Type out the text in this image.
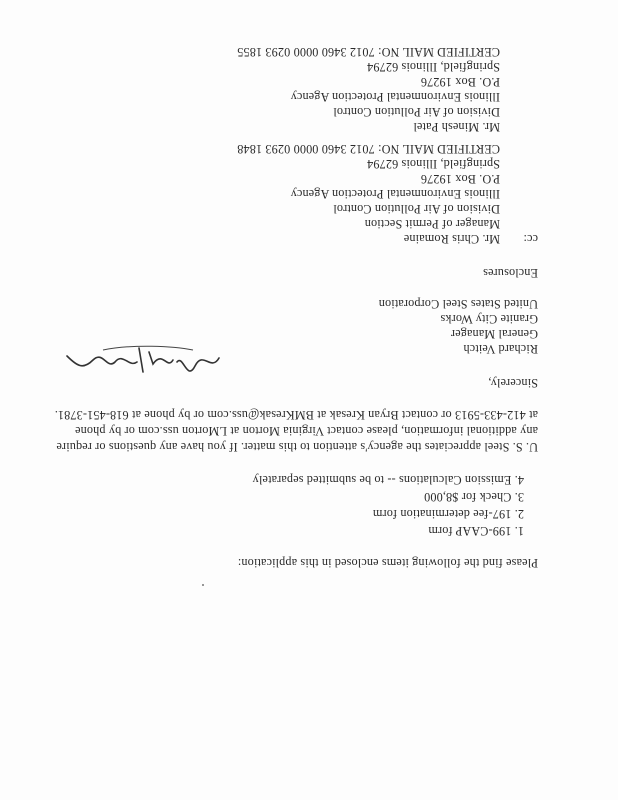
Please find the following items enclosed in this application:
1. 199-CAAP form
2. 197-fee determination form
3. Check for $8,000
4. Emission Calculations -- to be submitted separately
U. S. Steel appreciates the agency's attention to this matter. If you have any questions or require
any additional information, please contact Virginia Morton at LMorton uss.com or by phone
at 412-433-5913 or contact Bryan Kresak at BMKresak@uss.com or by phone at 618-451-3781.
Sincerely,
Richard Veitch
General Manager
Granite City Works
United States Steel Corporation
Enclosures
cc:
Mr. Chris Romaine
Manager of Permit Section
Division of Air Pollution Control
Illinois Environmental Protection Agency
P.O. Box 19276
Springfield, Illinois 62794
CERTIFIED MAIL NO: 7012 3460 0000 0293 1848
Mr. Minesh Patel
Division of Air Pollution Control
Illinois Environmental Protection Agency
P.O. Box 19276
Springfield, Illinois 62794
CERTIFIED MAIL NO: 7012 3460 0000 0293 1855
